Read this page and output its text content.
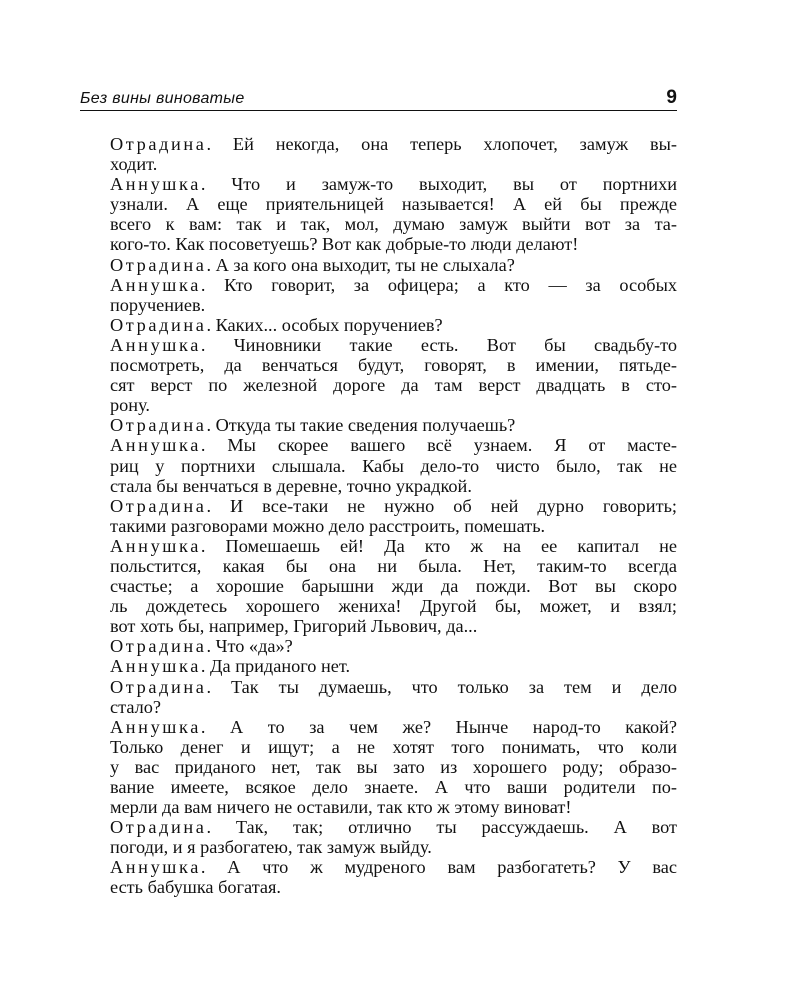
Без вины виноватые	9
Отрадина. Ей некогда, она теперь хлопочет, замуж вы-
ходит.
Аннушка. Что и замуж-то выходит, вы от портнихи
узнали. А еще приятельницей называется! А ей бы прежде
всего к вам: так и так, мол, думаю замуж выйти вот за та-
кого-то. Как посоветуешь? Вот как добрые-то люди делают!
Отрадина. А за кого она выходит, ты не слыхала?
Аннушка. Кто говорит, за офицера; а кто — за особых
поручениев.
Отрадина. Каких... особых поручениев?
Аннушка. Чиновники такие есть. Вот бы свадьбу-то
посмотреть, да венчаться будут, говорят, в имении, пятьде-
сят верст по железной дороге да там верст двадцать в сто-
рону.
Отрадина. Откуда ты такие сведения получаешь?
Аннушка. Мы скорее вашего всё узнаем. Я от масте-
риц у портнихи слышала. Кабы дело-то чисто было, так не
стала бы венчаться в деревне, точно украдкой.
Отрадина. И все-таки не нужно об ней дурно говорить;
такими разговорами можно дело расстроить, помешать.
Аннушка. Помешаешь ей! Да кто ж на ее капитал не
польстится, какая бы она ни была. Нет, таким-то всегда
счастье; а хорошие барышни жди да пожди. Вот вы скоро
ль дождетесь хорошего жениха! Другой бы, может, и взял;
вот хоть бы, например, Григорий Львович, да...
Отрадина. Что «да»?
Аннушка. Да приданого нет.
Отрадина. Так ты думаешь, что только за тем и дело
стало?
Аннушка. А то за чем же? Нынче народ-то какой?
Только денег и ищут; а не хотят того понимать, что коли
у вас приданого нет, так вы зато из хорошего роду; образо-
вание имеете, всякое дело знаете. А что ваши родители по-
мерли да вам ничего не оставили, так кто ж этому виноват!
Отрадина. Так, так; отлично ты рассуждаешь. А вот
погоди, и я разбогатею, так замуж выйду.
Аннушка. А что ж мудреного вам разбогатеть? У вас
есть бабушка богатая.
